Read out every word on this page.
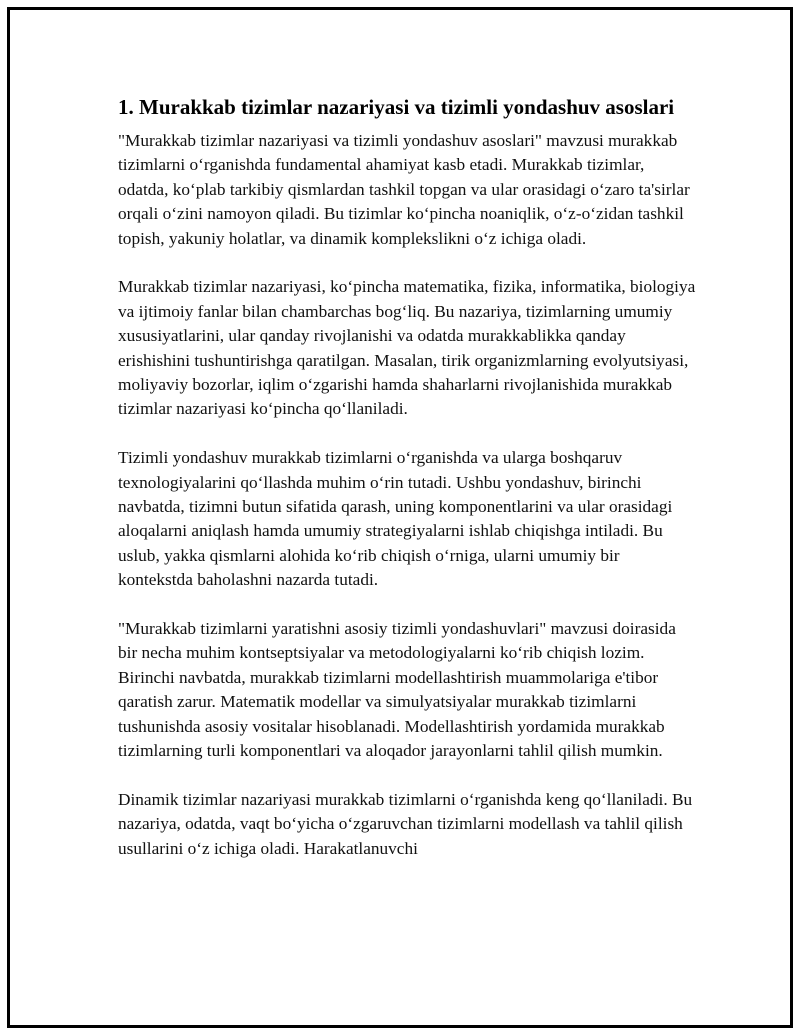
1. Murakkab tizimlar nazariyasi va tizimli yondashuv asoslari

"Murakkab tizimlar nazariyasi va tizimli yondashuv asoslari" mavzusi murakkab tizimlarni oʻrganishda fundamental ahamiyat kasb etadi. Murakkab tizimlar, odatda, koʻplab tarkibiy qismlardan tashkil topgan va ular orasidagi oʻzaro ta'sirlar orqali oʻzini namoyon qiladi. Bu tizimlar koʻpincha noaniqlik, oʻz-oʻzidan tashkil topish, yakuniy holatlar, va dinamik komplekslikni oʻz ichiga oladi.

Murakkab tizimlar nazariyasi, koʻpincha matematika, fizika, informatika, biologiya va ijtimoiy fanlar bilan chambarchas bogʻliq. Bu nazariya, tizimlarning umumiy xususiyatlarini, ular qanday rivojlanishi va odatda murakkablikka qanday erishishini tushuntirishga qaratilgan. Masalan, tirik organizmlarning evolyutsiyasi, moliyaviy bozorlar, iqlim oʻzgarishi hamda shaharlarni rivojlanishida murakkab tizimlar nazariyasi koʻpincha qoʻllaniladi.

Tizimli yondashuv murakkab tizimlarni oʻrganishda va ularga boshqaruv texnologiyalarini qoʻllashda muhim oʻrin tutadi. Ushbu yondashuv, birinchi navbatda, tizimni butun sifatida qarash, uning komponentlarini va ular orasidagi aloqalarni aniqlash hamda umumiy strategiyalarni ishlab chiqishga intiladi. Bu uslub, yakka qismlarni alohida koʻrib chiqish oʻrniga, ularni umumiy bir kontekstda baholashni nazarda tutadi.

"Murakkab tizimlarni yaratishni asosiy tizimli yondashuvlari" mavzusi doirasida bir necha muhim kontseptsiyalar va metodologiyalarni koʻrib chiqish lozim. Birinchi navbatda, murakkab tizimlarni modellashtirish muammolariga e'tibor qaratish zarur. Matematik modellar va simulyatsiyalar murakkab tizimlarni tushunishda asosiy vositalar hisoblanadi. Modellashtirish yordamida murakkab tizimlarning turli komponentlari va aloqador jarayonlarni tahlil qilish mumkin.

Dinamik tizimlar nazariyasi murakkab tizimlarni oʻrganishda keng qoʻllaniladi. Bu nazariya, odatda, vaqt boʻyicha oʻzgaruvchan tizimlarni modellash va tahlil qilish usullarini oʻz ichiga oladi. Harakatlanuvchi
